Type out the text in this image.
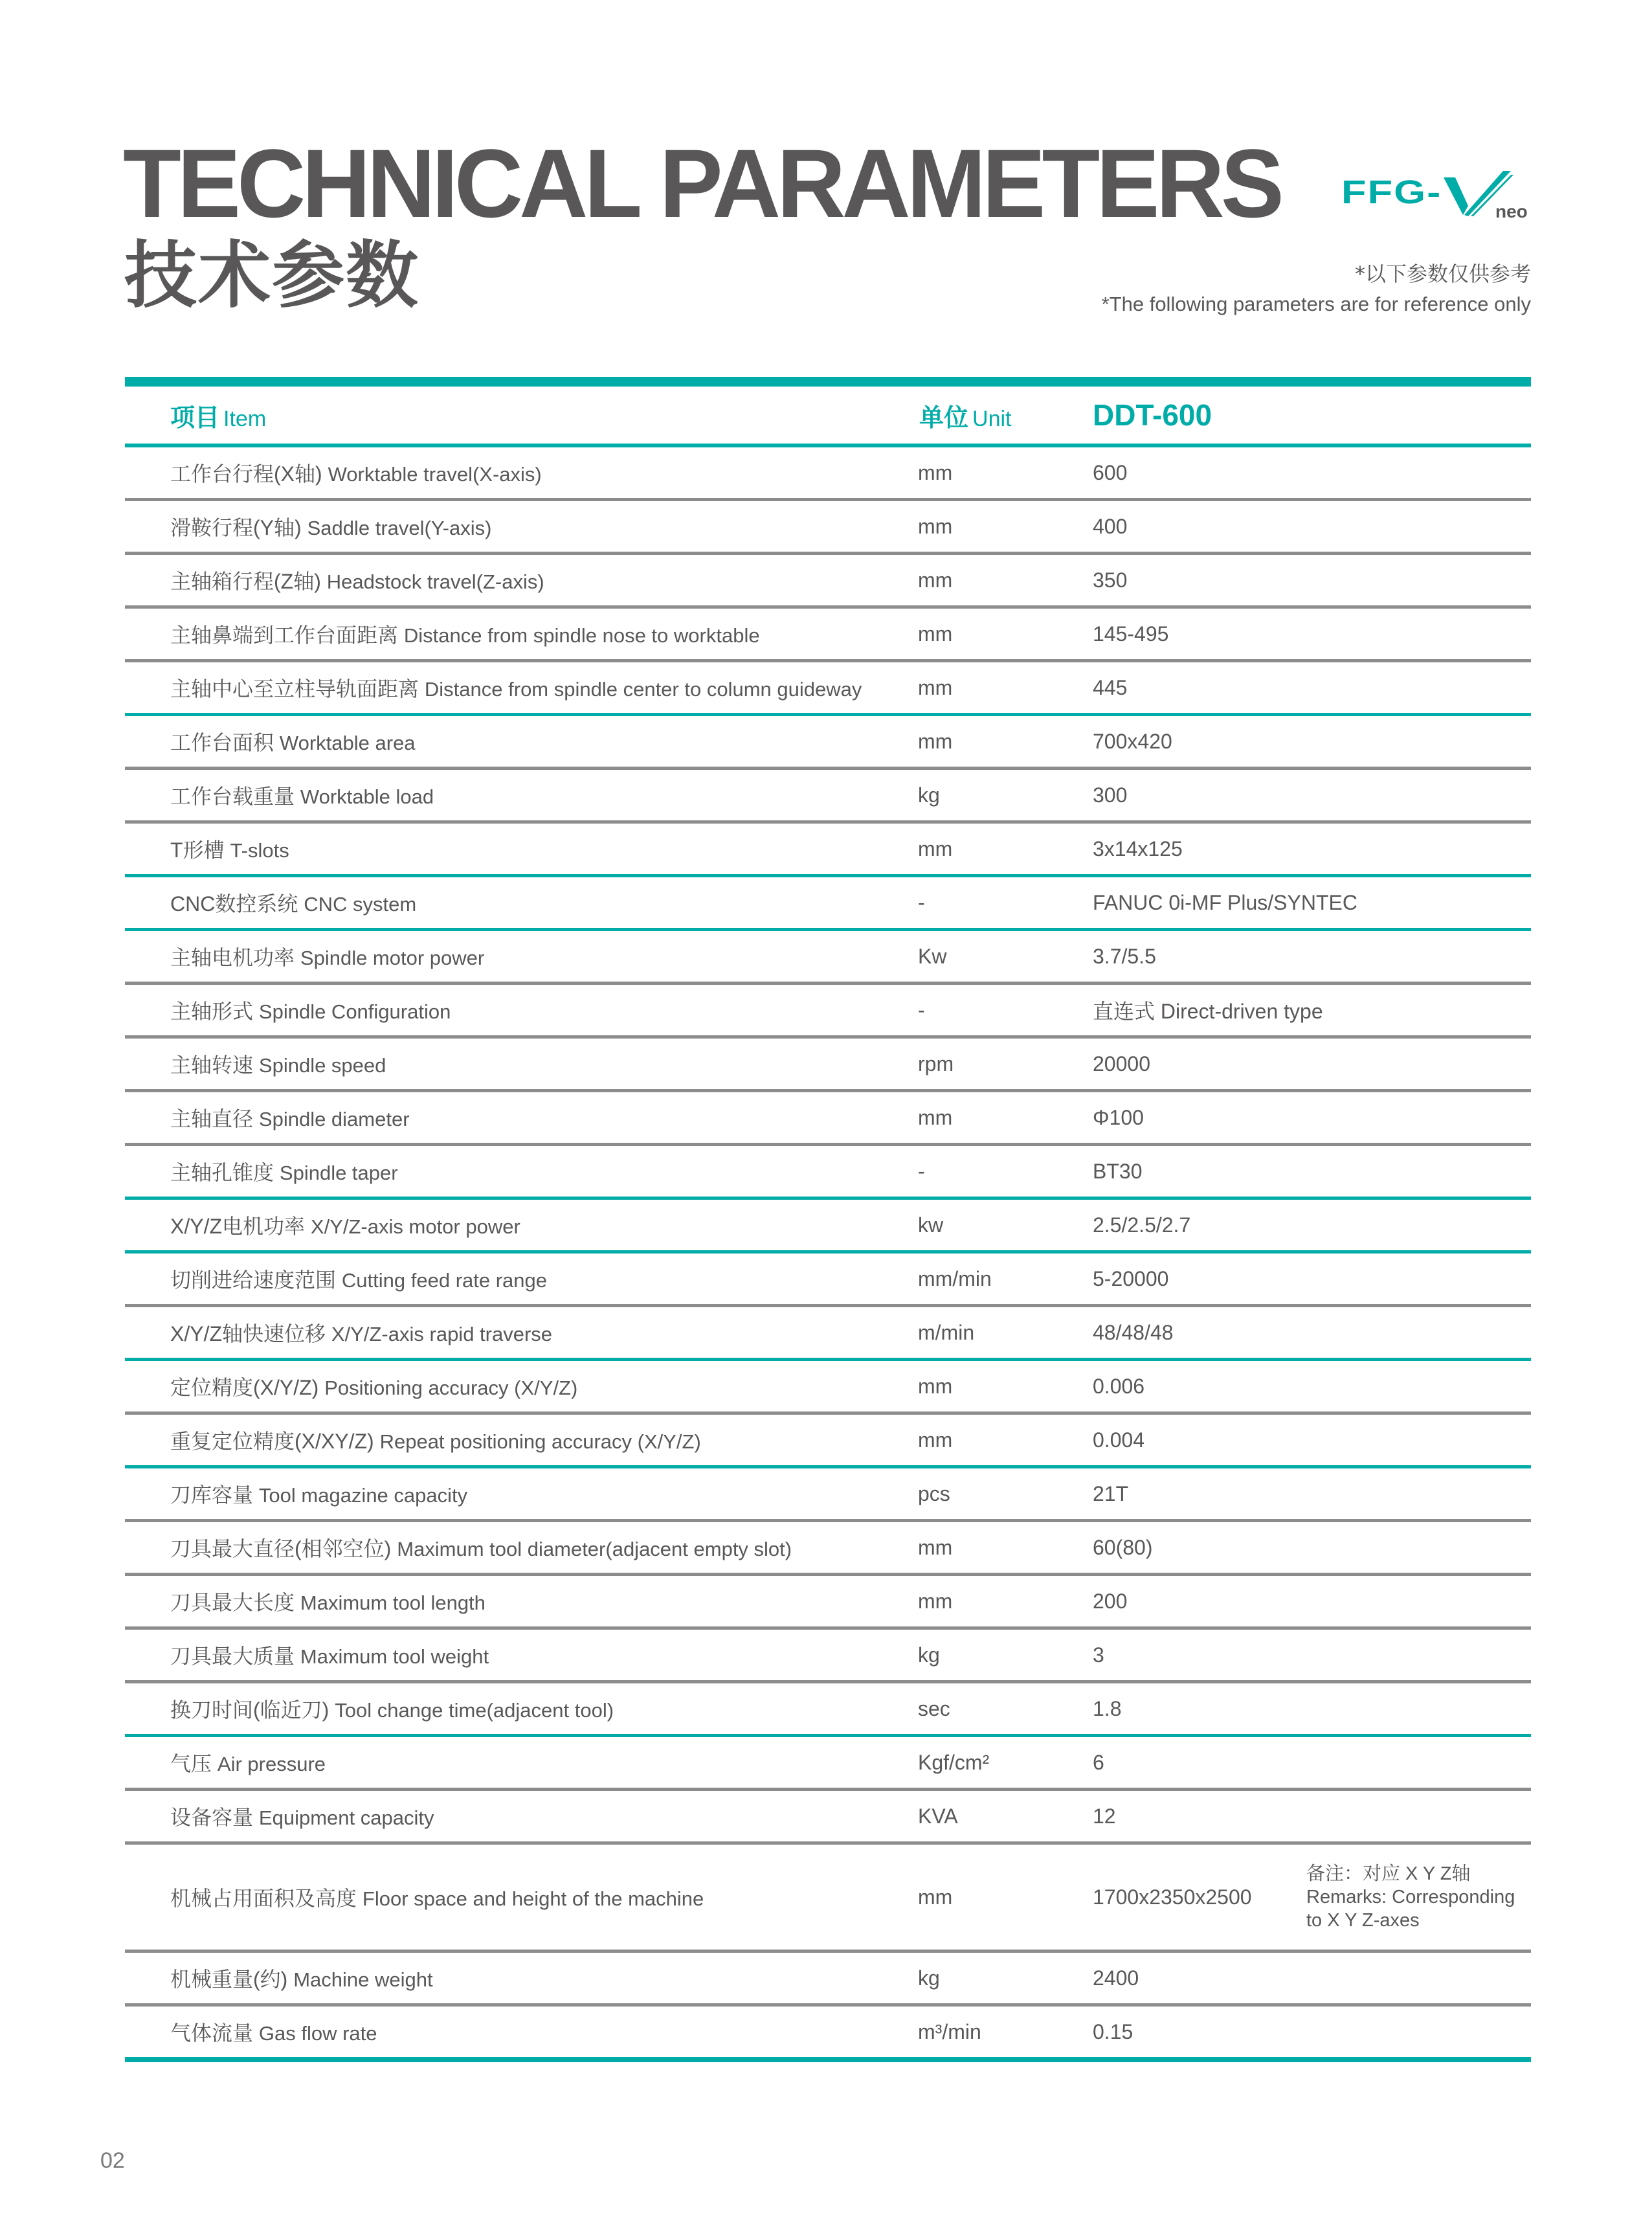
TECHNICAL PARAMETERS
技术参数
FFG-
neo
*以下参数仅供参考
*The following parameters are for reference only
项目 Item	单位 Unit	DDT-600
工作台行程(X轴) Worktable travel(X-axis)	mm	600
滑鞍行程(Y轴) Saddle travel(Y-axis)	mm	400
主轴箱行程(Z轴) Headstock travel(Z-axis)	mm	350
主轴鼻端到工作台面距离 Distance from spindle nose to worktable	mm	145-495
主轴中心至立柱导轨面距离 Distance from spindle center to column guideway	mm	445
工作台面积 Worktable area	mm	700x420
工作台载重量 Worktable load	kg	300
T形槽 T-slots	mm	3x14x125
CNC数控系统 CNC system	-	FANUC 0i-MF Plus/SYNTEC
主轴电机功率 Spindle motor power	Kw	3.7/5.5
主轴形式 Spindle Configuration	-	直连式 Direct-driven type
主轴转速 Spindle speed	rpm	20000
主轴直径 Spindle diameter	mm	Φ100
主轴孔锥度 Spindle taper	-	BT30
X/Y/Z电机功率 X/Y/Z-axis motor power	kw	2.5/2.5/2.7
切削进给速度范围 Cutting feed rate range	mm/min	5-20000
X/Y/Z轴快速位移 X/Y/Z-axis rapid traverse	m/min	48/48/48
定位精度(X/Y/Z) Positioning accuracy (X/Y/Z)	mm	0.006
重复定位精度(X/XY/Z) Repeat positioning accuracy (X/Y/Z)	mm	0.004
刀库容量 Tool magazine capacity	pcs	21T
刀具最大直径(相邻空位) Maximum tool diameter(adjacent empty slot)	mm	60(80)
刀具最大长度 Maximum tool length	mm	200
刀具最大质量 Maximum tool weight	kg	3
换刀时间(临近刀) Tool change time(adjacent tool)	sec	1.8
气压 Air pressure	Kgf/cm²	6
设备容量 Equipment capacity	KVA	12
机械占用面积及高度 Floor space and height of the machine	mm	1700x2350x2500
备注：对应 X Y Z轴
Remarks: Corresponding
to X Y Z-axes
机械重量(约) Machine weight	kg	2400
气体流量 Gas flow rate	m³/min	0.15
02
